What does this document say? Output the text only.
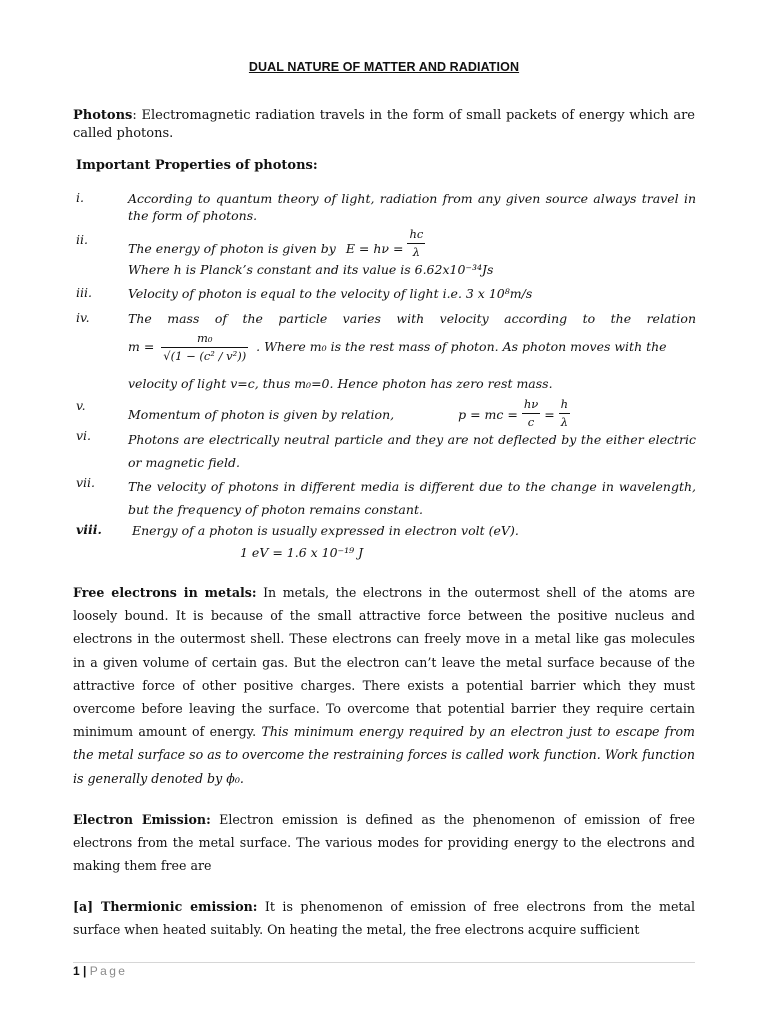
DUAL NATURE OF MATTER AND RADIATION
Photons: Electromagnetic radiation travels in the form of small packets of energy which are called photons.
Important Properties of photons:
i.	According to quantum theory of light, radiation from any given source always travel in the form of photons.
ii.
The energy of photon is given by $E = h\nu = \frac{hc}{\lambda}$
Where h is Planck’s constant and its value is 6.62x10⁻³⁴Js
iii.	Velocity of photon is equal to the velocity of light i.e. 3 x 10⁸m/s
iv.	The mass of the particle varies with velocity according to the relation
$m = \frac{\text{m₀}}{\text{√(1 − (c² / v²))}}$ . Where m₀ is the rest mass of photon. As photon moves with the
velocity of light v=c, thus m₀=0. Hence photon has zero rest mass.
v.
Momentum of photon is given by relation,	p = mc = $\frac{h\nu}{c} = \frac{h}{\lambda}$
vi.	Photons are electrically neutral particle and they are not deflected by the either electric or magnetic field.
vii.	The velocity of photons in different media is different due to the change in wavelength, but the frequency of photon remains constant.
viii.	Energy of a photon is usually expressed in electron volt (eV).
1 eV = 1.6 x 10⁻¹⁹ J
Free electrons in metals: In metals, the electrons in the outermost shell of the atoms are loosely bound. It is because of the small attractive force between the positive nucleus and electrons in the outermost shell. These electrons can freely move in a metal like gas molecules in a given volume of certain gas. But the electron can’t leave the metal surface because of the attractive force of other positive charges. There exists a potential barrier which they must overcome before leaving the surface. To overcome that potential barrier they require certain minimum amount of energy. This minimum energy required by an electron just to escape from the metal surface so as to overcome the restraining forces is called work function. Work function is generally denoted by ϕ₀.
Electron Emission: Electron emission is defined as the phenomenon of emission of free electrons from the metal surface. The various modes for providing energy to the electrons and making them free are
[a] Thermionic emission: It is phenomenon of emission of free electrons from the metal surface when heated suitably. On heating the metal, the free electrons acquire sufficient
1 | Page
